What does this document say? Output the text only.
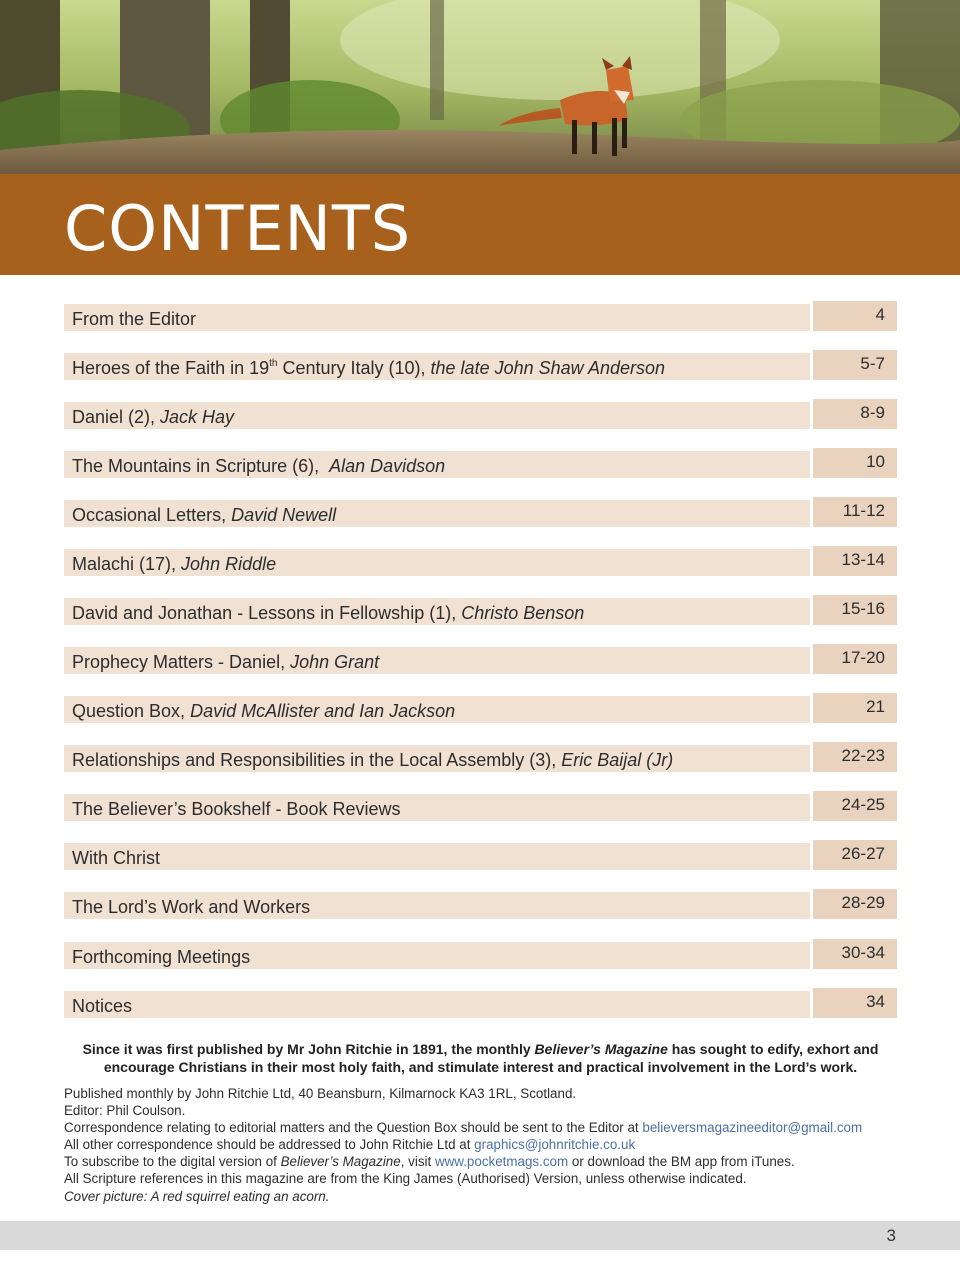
CONTENTS
From the Editor	4
Heroes of the Faith in 19th Century Italy (10), the late John Shaw Anderson	5-7
Daniel (2), Jack Hay	8-9
The Mountains in Scripture (6),  Alan Davidson	10
Occasional Letters, David Newell	11-12
Malachi (17), John Riddle	13-14
David and Jonathan - Lessons in Fellowship (1), Christo Benson	15-16
Prophecy Matters - Daniel, John Grant	17-20
Question Box, David McAllister and Ian Jackson	21
Relationships and Responsibilities in the Local Assembly (3), Eric Baijal (Jr)	22-23
The Believer’s Bookshelf - Book Reviews	24-25
With Christ	26-27
The Lord’s Work and Workers	28-29
Forthcoming Meetings	30-34
Notices	34
Since it was first published by Mr John Ritchie in 1891, the monthly Believer’s Magazine has sought to edify, exhort and
encourage Christians in their most holy faith, and stimulate interest and practical involvement in the Lord’s work.
Published monthly by John Ritchie Ltd, 40 Beansburn, Kilmarnock KA3 1RL, Scotland.
Editor: Phil Coulson.
Correspondence relating to editorial matters and the Question Box should be sent to the Editor at believersmagazineeditor@gmail.com
All other correspondence should be addressed to John Ritchie Ltd at graphics@johnritchie.co.uk
To subscribe to the digital version of Believer’s Magazine, visit www.pocketmags.com or download the BM app from iTunes.
All Scripture references in this magazine are from the King James (Authorised) Version, unless otherwise indicated.
Cover picture: A red squirrel eating an acorn.
3
